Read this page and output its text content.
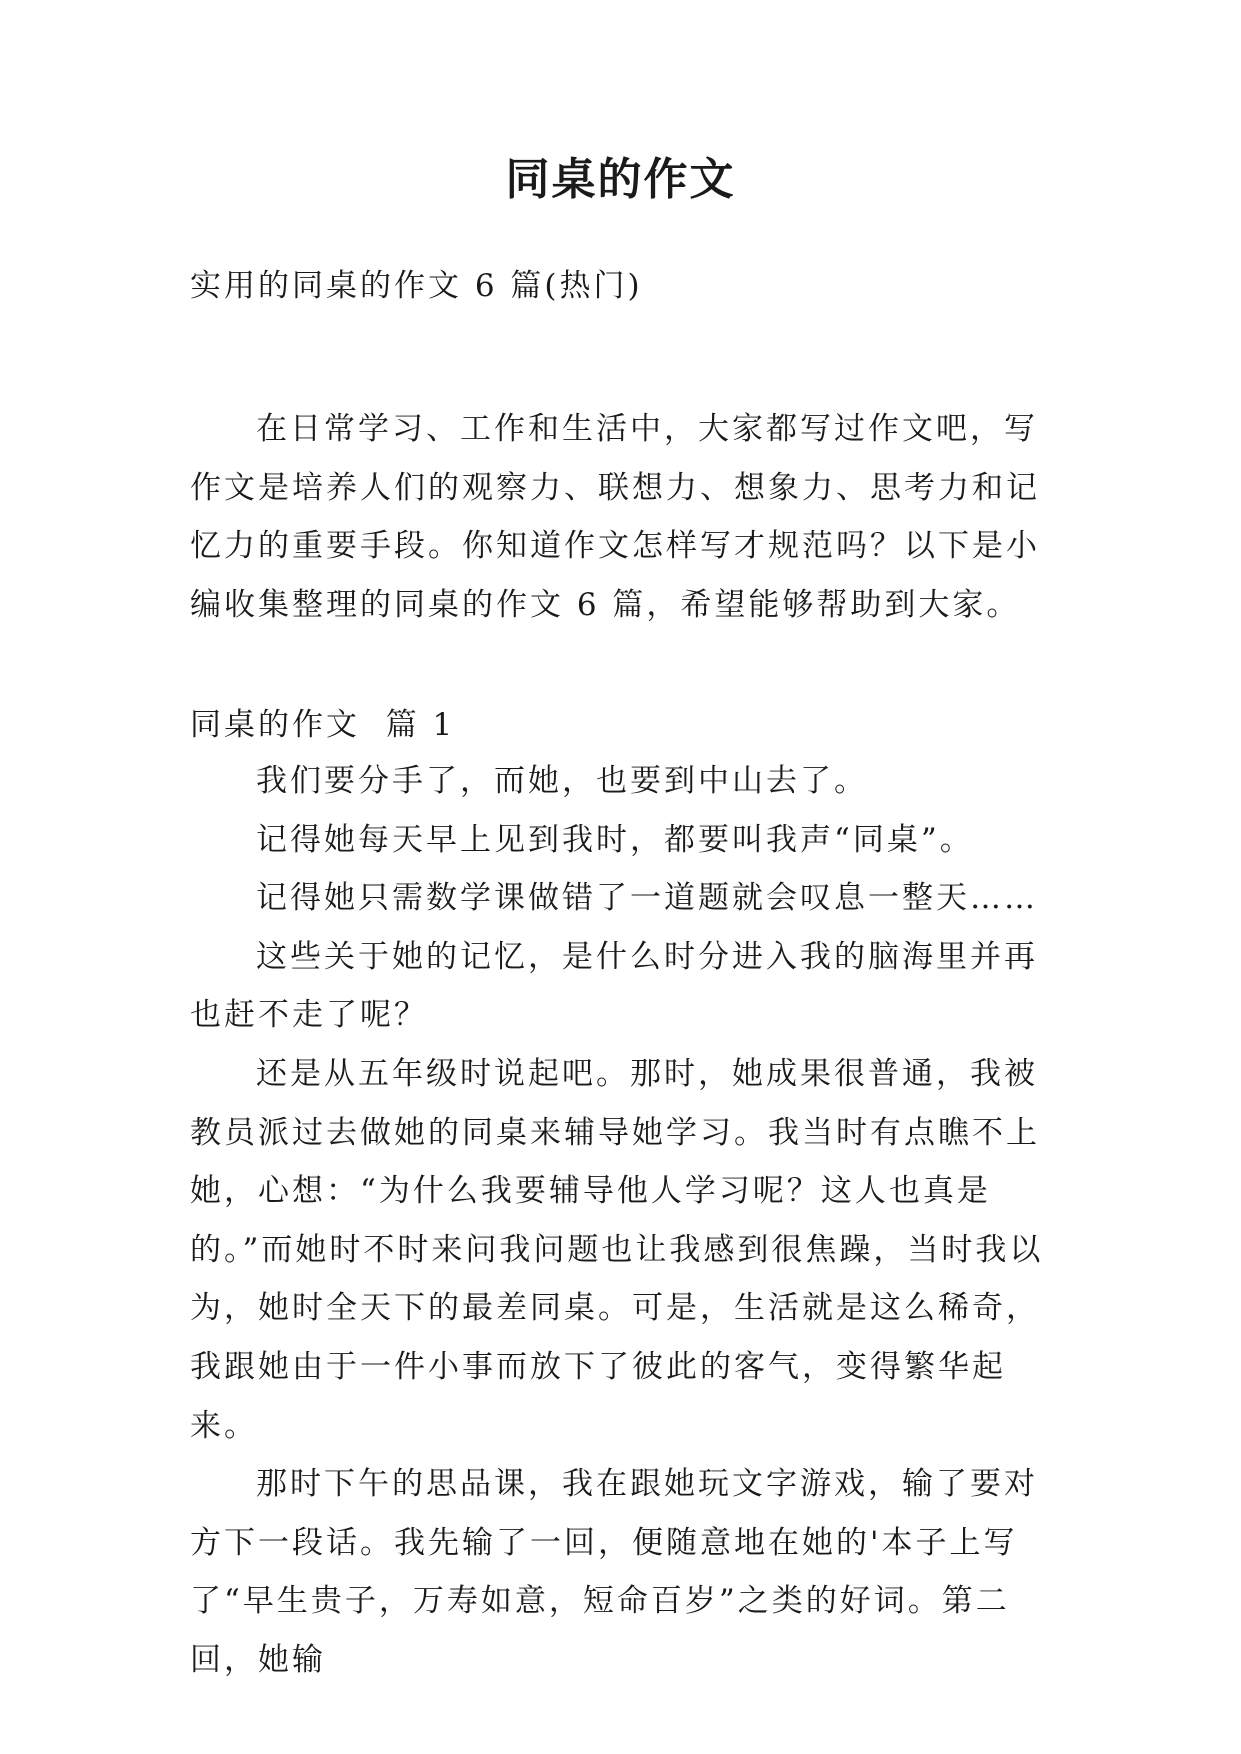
同桌的作文

实用的同桌的作文 6 篇(热门)

在日常学习、工作和生活中，大家都写过作文吧，写作文是培养人们的观察力、联想力、想象力、思考力和记忆力的重要手段。你知道作文怎样写才规范吗？以下是小编收集整理的同桌的作文 6 篇，希望能够帮助到大家。

同桌的作文  篇 1

我们要分手了，而她，也要到中山去了。

记得她每天早上见到我时，都要叫我声“同桌”。

记得她只需数学课做错了一道题就会叹息一整天……

这些关于她的记忆，是什么时分进入我的脑海里并再也赶不走了呢？

还是从五年级时说起吧。那时，她成果很普通，我被教员派过去做她的同桌来辅导她学习。我当时有点瞧不上她，心想：“为什么我要辅导他人学习呢？这人也真是的。”而她时不时来问我问题也让我感到很焦躁，当时我以为，她时全天下的最差同桌。可是，生活就是这么稀奇，我跟她由于一件小事而放下了彼此的客气，变得繁华起来。

那时下午的思品课，我在跟她玩文字游戏，输了要对方下一段话。我先输了一回，便随意地在她的'本子上写了“早生贵子，万寿如意，短命百岁”之类的好词。第二回，她输
